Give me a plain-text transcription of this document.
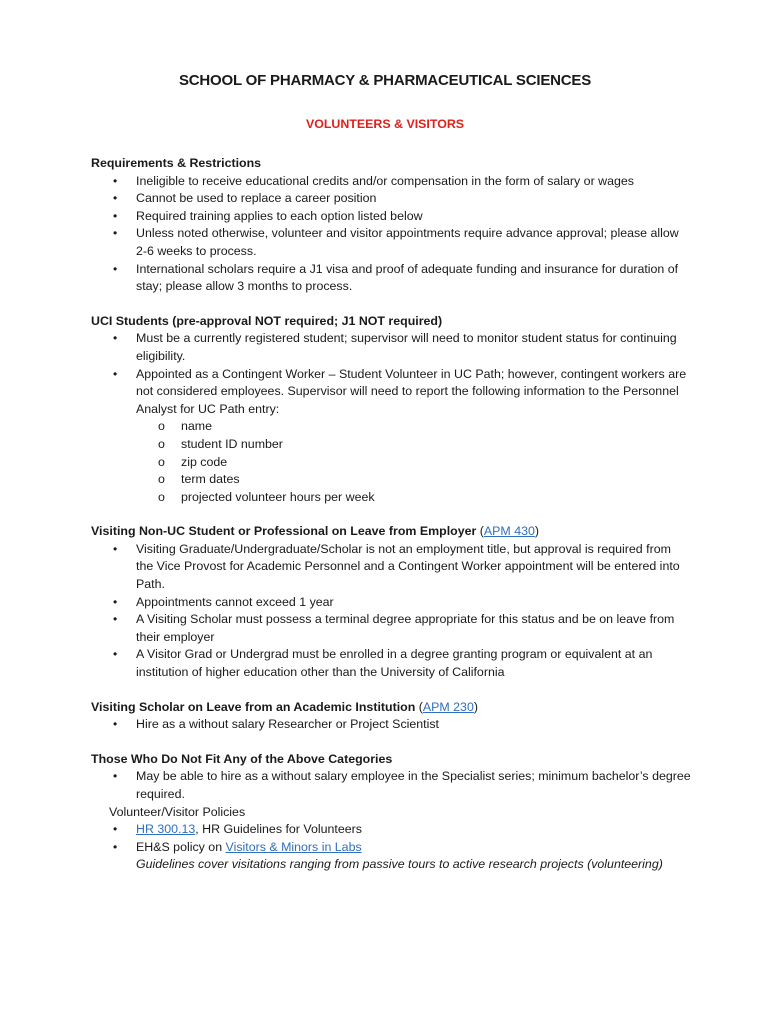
SCHOOL OF PHARMACY & PHARMACEUTICAL SCIENCES
VOLUNTEERS & VISITORS

Requirements & Restrictions

• Ineligible to receive educational credits and/or compensation in the form of salary or wages
• Cannot be used to replace a career position
• Required training applies to each option listed below
• Unless noted otherwise, volunteer and visitor appointments require advance approval; please allow 2-6 weeks to process.
• International scholars require a J1 visa and proof of adequate funding and insurance for duration of stay; please allow 3 months to process.

UCI Students (pre-approval NOT required; J1 NOT required)

• Must be a currently registered student; supervisor will need to monitor student status for continuing eligibility.
• Appointed as a Contingent Worker – Student Volunteer in UC Path; however, contingent workers are not considered employees. Supervisor will need to report the following information to the Personnel Analyst for UC Path entry:
o name
o student ID number
o zip code
o term dates
o projected volunteer hours per week

Visiting Non-UC Student or Professional on Leave from Employer (APM 430)

• Visiting Graduate/Undergraduate/Scholar is not an employment title, but approval is required from the Vice Provost for Academic Personnel and a Contingent Worker appointment will be entered into Path.
• Appointments cannot exceed 1 year
• A Visiting Scholar must possess a terminal degree appropriate for this status and be on leave from their employer
• A Visitor Grad or Undergrad must be enrolled in a degree granting program or equivalent at an institution of higher education other than the University of California

Visiting Scholar on Leave from an Academic Institution (APM 230)

• Hire as a without salary Researcher or Project Scientist

Those Who Do Not Fit Any of the Above Categories

• May be able to hire as a without salary employee in the Specialist series; minimum bachelor’s degree required.

Volunteer/Visitor Policies

• HR 300.13, HR Guidelines for Volunteers
• EH&S policy on Visitors & Minors in Labs

Guidelines cover visitations ranging from passive tours to active research projects (volunteering)
